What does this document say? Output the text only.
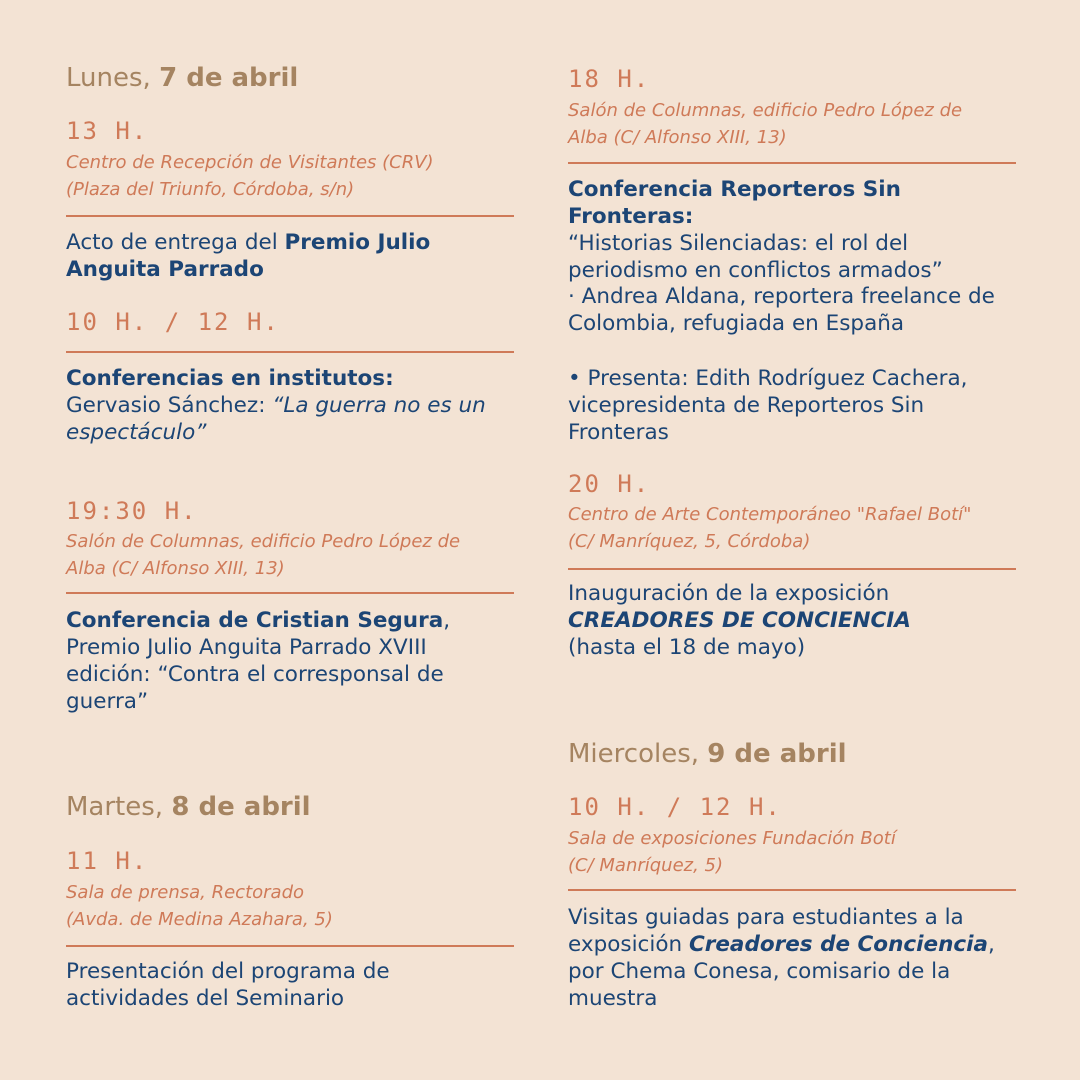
Lunes, 7 de abril
13 H.
Centro de Recepción de Visitantes (CRV)
(Plaza del Triunfo, Córdoba, s/n)
Acto de entrega del Premio Julio Anguita Parrado
10 H. / 12 H.
Conferencias en institutos:
Gervasio Sánchez: “La guerra no es un espectáculo”
19:30 H.
Salón de Columnas, edificio Pedro López de
Alba (C/ Alfonso XIII, 13)
Conferencia de Cristian Segura, Premio Julio Anguita Parrado XVIII edición: “Contra el corresponsal de guerra”
Martes, 8 de abril
11 H.
Sala de prensa, Rectorado
(Avda. de Medina Azahara, 5)
Presentación del programa de actividades del Seminario
18 H.
Salón de Columnas, edificio Pedro López de
Alba (C/ Alfonso XIII, 13)
Conferencia Reporteros Sin Fronteras:
“Historias Silenciadas: el rol del periodismo en conflictos armados”
· Andrea Aldana, reportera freelance de Colombia, refugiada en España
• Presenta: Edith Rodríguez Cachera, vicepresidenta de Reporteros Sin Fronteras
20 H.
Centro de Arte Contemporáneo "Rafael Botí"
(C/ Manríquez, 5, Córdoba)
Inauguración de la exposición
CREADORES DE CONCIENCIA
(hasta el 18 de mayo)
Miercoles, 9 de abril
10 H. / 12 H.
Sala de exposiciones Fundación Botí
(C/ Manríquez, 5)
Visitas guiadas para estudiantes a la exposición Creadores de Conciencia, por Chema Conesa, comisario de la muestra
